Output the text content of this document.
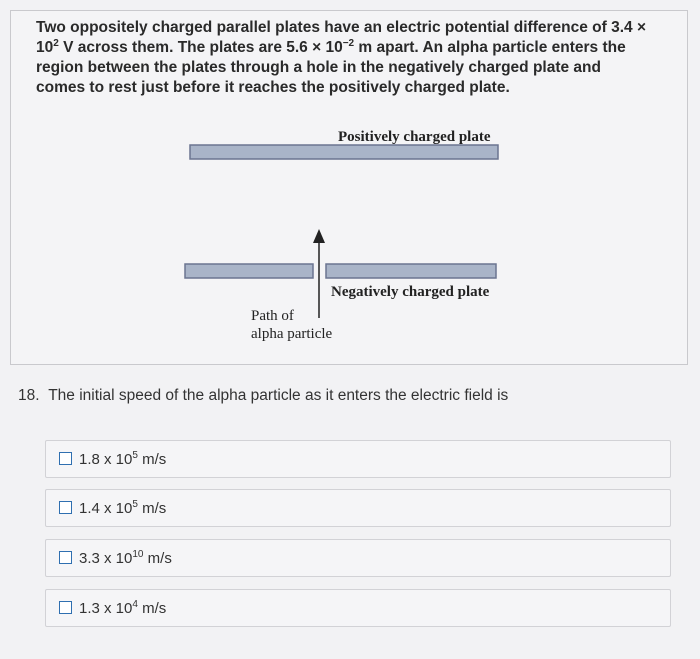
Two oppositely charged parallel plates have an electric potential difference of 3.4 ×
$10^2$ V across them. The plates are $5.6 \times 10^{-2}$ m apart. An alpha particle enters the
region between the plates through a hole in the negatively charged plate and
comes to rest just before it reaches the positively charged plate.
Positively charged plate
Negatively charged plate
Path of
alpha particle
18. The initial speed of the alpha particle as it enters the electric field is
1.8 x $10^5$ m/s
1.4 x $10^5$ m/s
3.3 x $10^{10}$ m/s
1.3 x $10^4$ m/s
